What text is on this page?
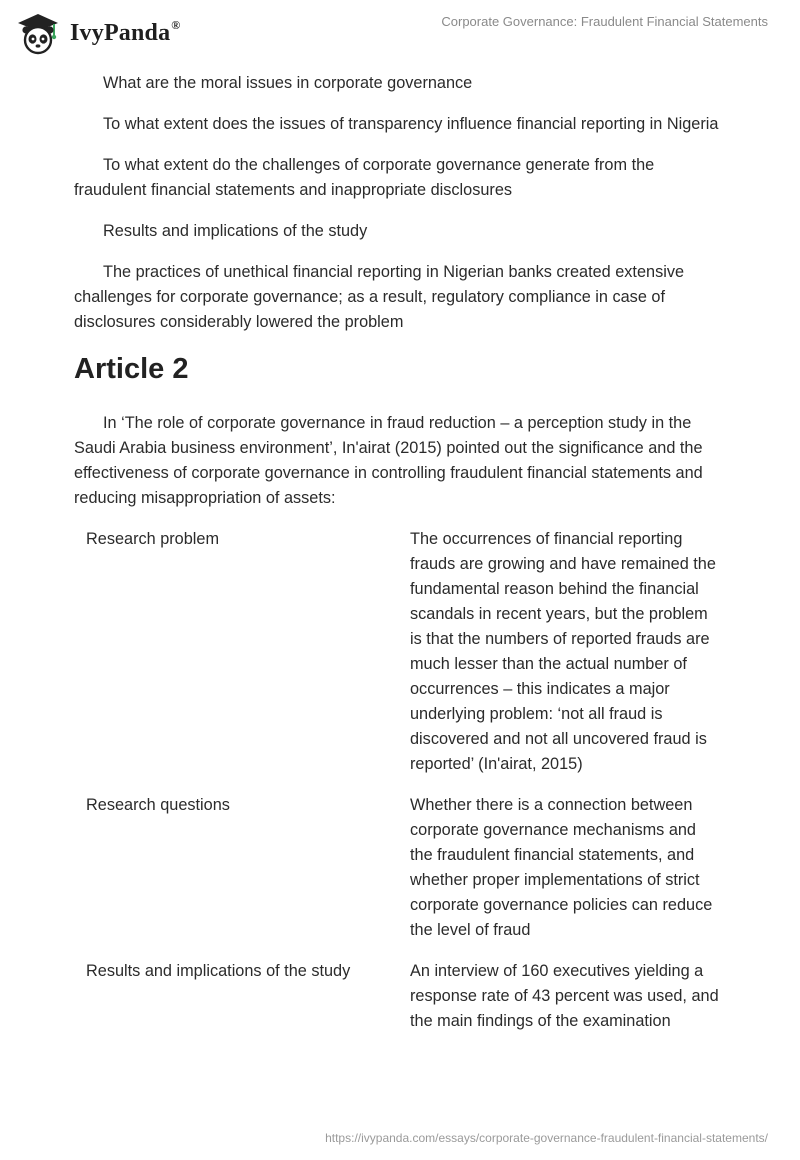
IvyPanda®	Corporate Governance: Fraudulent Financial Statements

What are the moral issues in corporate governance

To what extent does the issues of transparency influence financial reporting in Nigeria

To what extent do the challenges of corporate governance generate from the fraudulent financial statements and inappropriate disclosures

Results and implications of the study

The practices of unethical financial reporting in Nigerian banks created extensive challenges for corporate governance; as a result, regulatory compliance in case of disclosures considerably lowered the problem

Article 2

In ‘The role of corporate governance in fraud reduction – a perception study in the Saudi Arabia business environment’, In'airat (2015) pointed out the significance and the effectiveness of corporate governance in controlling fraudulent financial statements and reducing misappropriation of assets:

Research problem	The occurrences of financial reporting frauds are growing and have remained the fundamental reason behind the financial scandals in recent years, but the problem is that the numbers of reported frauds are much lesser than the actual number of occurrences – this indicates a major underlying problem: ‘not all fraud is discovered and not all uncovered fraud is reported’ (In'airat, 2015)
Research questions	Whether there is a connection between corporate governance mechanisms and the fraudulent financial statements, and whether proper implementations of strict corporate governance policies can reduce the level of fraud
Results and implications of the study	An interview of 160 executives yielding a response rate of 43 percent was used, and the main findings of the examination
https://ivypanda.com/essays/corporate-governance-fraudulent-financial-statements/
